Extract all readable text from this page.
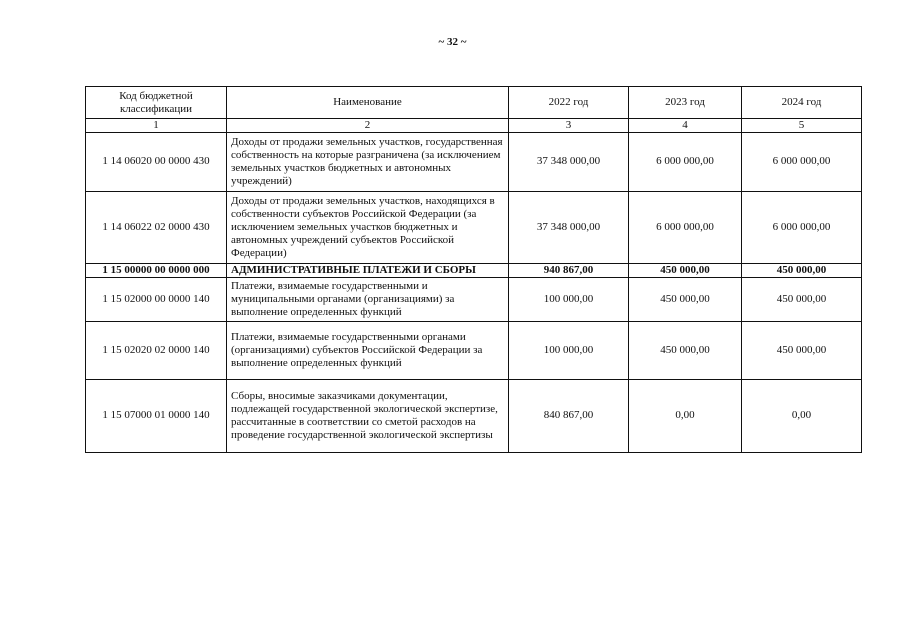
~ 32 ~
Код бюджетной классификации	Наименование	2022 год	2023 год	2024 год
1	2	3	4	5
1 14 06020 00 0000 430	Доходы от продажи земельных участков, государственная собственность на которые разграничена (за исключением земельных участков бюджетных и автономных учреждений)	37 348 000,00	6 000 000,00	6 000 000,00
1 14 06022 02 0000 430	Доходы от продажи земельных участков, находящихся в собственности субъектов Российской Федерации (за исключением земельных участков бюджетных и автономных учреждений субъектов Российской Федерации)	37 348 000,00	6 000 000,00	6 000 000,00
1 15 00000 00 0000 000	АДМИНИСТРАТИВНЫЕ ПЛАТЕЖИ И СБОРЫ	940 867,00	450 000,00	450 000,00
1 15 02000 00 0000 140	Платежи, взимаемые государственными и муниципальными органами (организациями) за выполнение определенных функций	100 000,00	450 000,00	450 000,00
1 15 02020 02 0000 140	Платежи, взимаемые государственными органами (организациями) субъектов Российской Федерации за выполнение определенных функций	100 000,00	450 000,00	450 000,00
1 15 07000 01 0000 140	Сборы, вносимые заказчиками документации, подлежащей государственной экологической экспертизе, рассчитанные в соответствии со сметой расходов на проведение государственной экологической экспертизы	840 867,00	0,00	0,00
